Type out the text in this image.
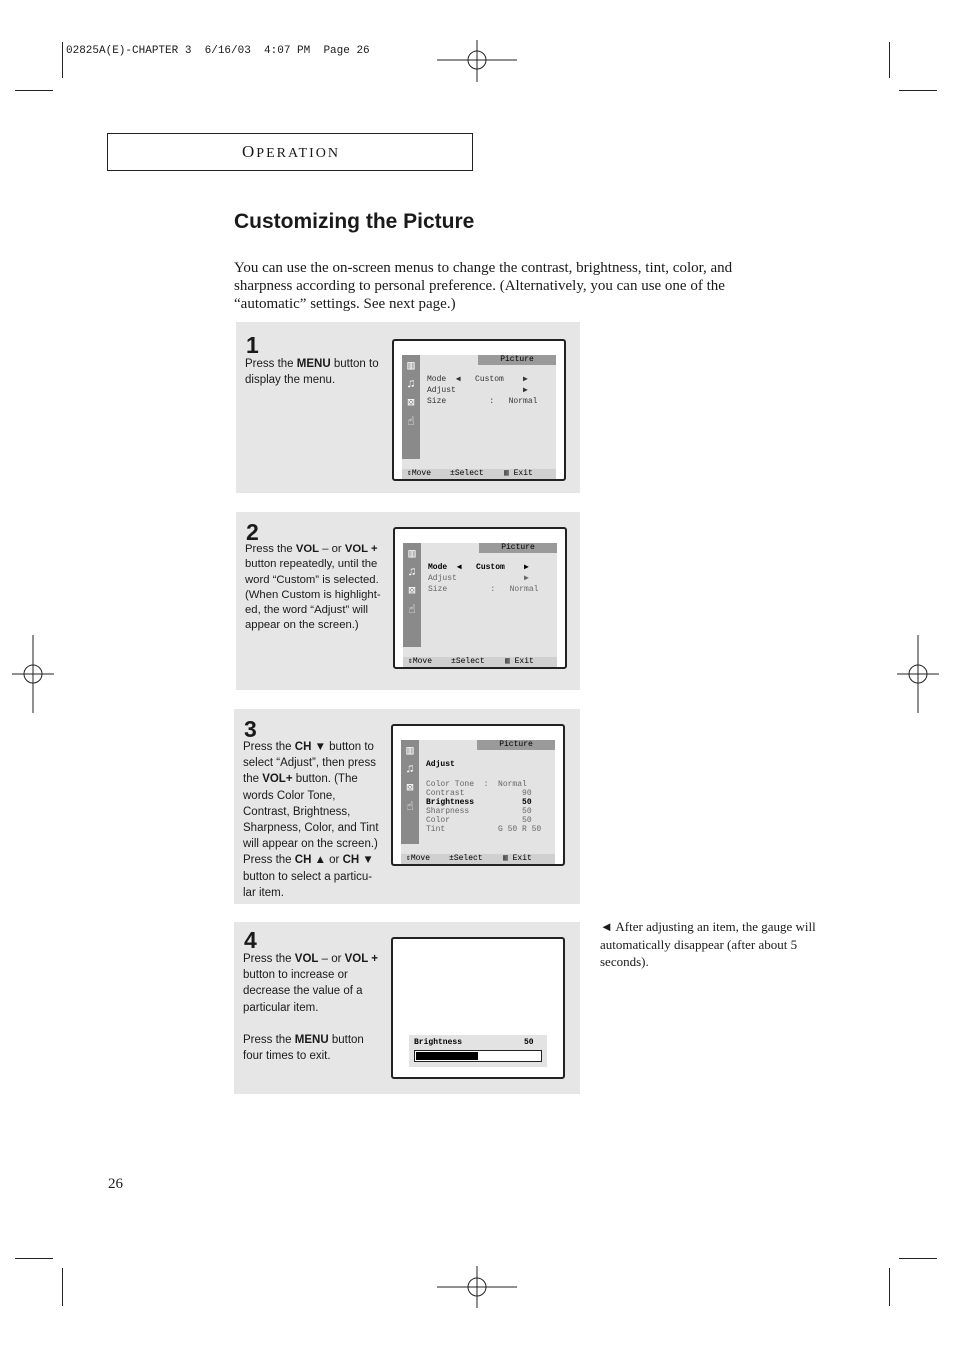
02825A(E)-CHAPTER 3  6/16/03  4:07 PM  Page 26
OPERATION
Customizing the Picture
You can use the on-screen menus to change the contrast, brightness, tint, color, and sharpness according to personal preference. (Alternatively, you can use one of the “automatic” settings. See next page.)
1
Press the MENU button to display the menu.
▥
♫
⊠
☝
Picture
Mode  ◀   Custom    ▶
Adjust              ▶
Size         :   Normal
⇕Move ±Select	▥ Exit
2
Press the VOL – or VOL + button repeatedly, until the word “Custom” is selected. (When Custom is highlight-ed, the word “Adjust” will appear on the screen.)
▥
♫
⊠
☝
Picture
Mode  ◀   Custom    ▶
Adjust              ▶
Size         :   Normal
⇕Move ±Select	▥ Exit
3
Press the CH ▼ button to select “Adjust”, then press the VOL+ button. (The words Color Tone, Contrast, Brightness, Sharpness, Color, and Tint will appear on the screen.) Press the CH ▲ or CH ▼ button to select a particu-lar item.
▥
♫
⊠
☝
Picture
Adjust
Color Tone  :  Normal
Contrast            90
Brightness          50
Sharpness           50
Color               50
Tint           G 50 R 50
⇕Move ±Select	▥ Exit
4
Press the VOL – or VOL + button to increase or decrease the value of a particular item.
Press the MENU button four times to exit.
Brightness	50
◄ After adjusting an item, the gauge will automatically disappear (after about 5 seconds).
26
